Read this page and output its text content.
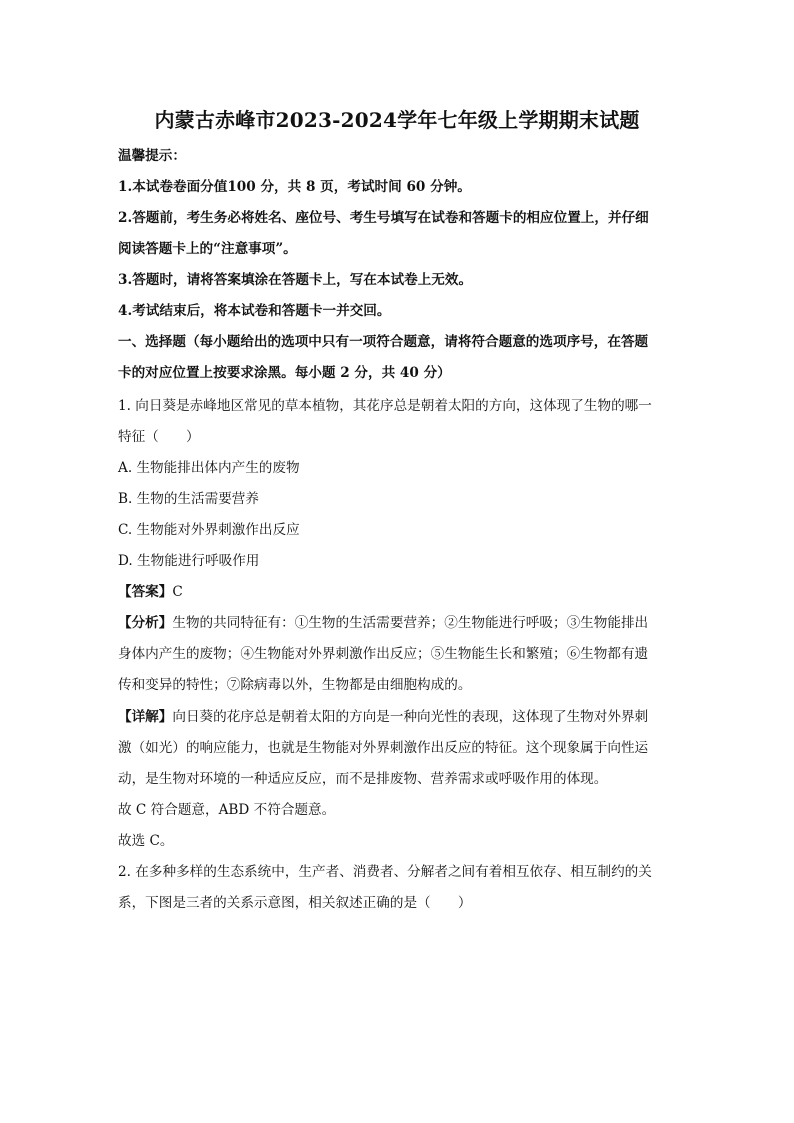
内蒙古赤峰市2023-2024学年七年级上学期期末试题
温馨提示：
1.本试卷卷面分值100 分，共 8 页，考试时间 60 分钟。
2.答题前，考生务必将姓名、座位号、考生号填写在试卷和答题卡的相应位置上，并仔细
阅读答题卡上的“注意事项”。
3.答题时，请将答案填涂在答题卡上，写在本试卷上无效。
4.考试结束后，将本试卷和答题卡一并交回。
一、选择题（每小题给出的选项中只有一项符合题意，请将符合题意的选项序号，在答题
卡的对应位置上按要求涂黑。每小题 2 分，共 40 分）
1. 向日葵是赤峰地区常见的草本植物，其花序总是朝着太阳的方向，这体现了生物的哪一
特征（　　）
A. 生物能排出体内产生的废物
B. 生物的生活需要营养
C. 生物能对外界刺激作出反应
D. 生物能进行呼吸作用
【答案】C
【分析】生物的共同特征有：①生物的生活需要营养；②生物能进行呼吸；③生物能排出
身体内产生的废物；④生物能对外界刺激作出反应；⑤生物能生长和繁殖；⑥生物都有遗
传和变异的特性；⑦除病毒以外，生物都是由细胞构成的。
【详解】向日葵的花序总是朝着太阳的方向是一种向光性的表现，这体现了生物对外界刺
激（如光）的响应能力，也就是生物能对外界刺激作出反应的特征。这个现象属于向性运
动，是生物对环境的一种适应反应，而不是排废物、营养需求或呼吸作用的体现。
故 C 符合题意，ABD 不符合题意。
故选 C。
2. 在多种多样的生态系统中，生产者、消费者、分解者之间有着相互依存、相互制约的关
系，下图是三者的关系示意图，相关叙述正确的是（　　）
